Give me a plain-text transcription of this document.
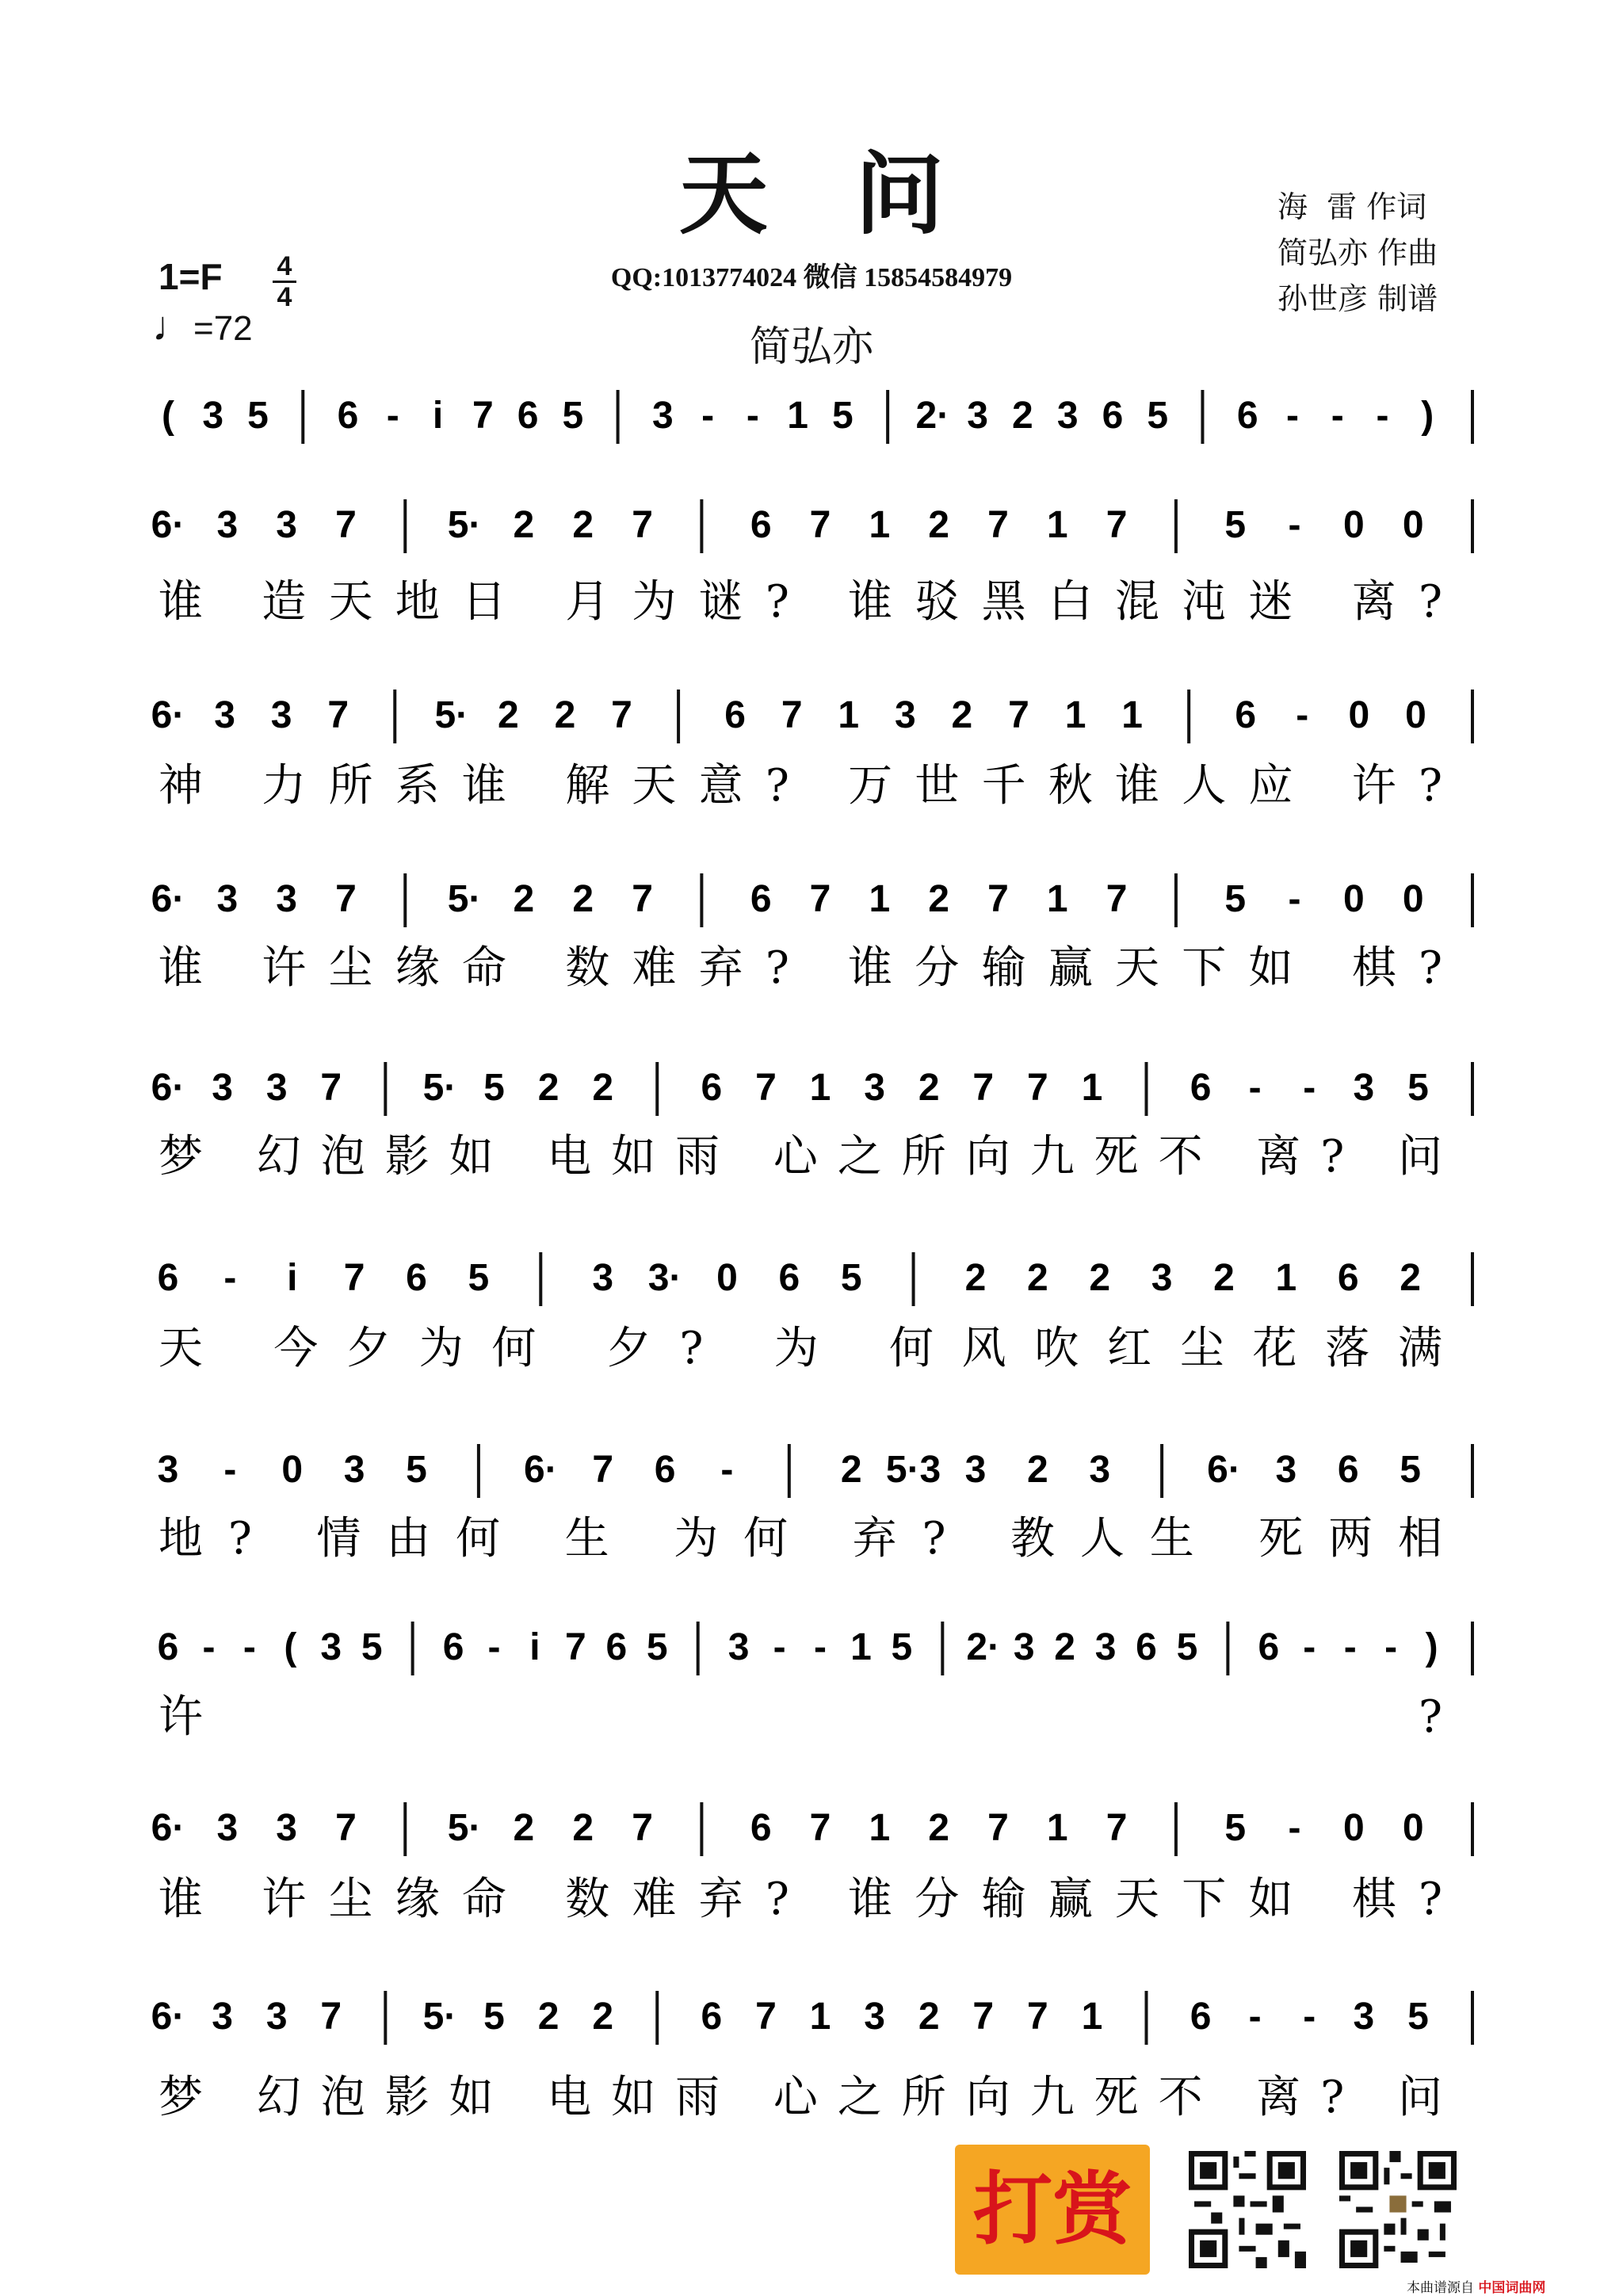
天问
QQ:1013774024 微信 15854584979
简弘亦
海  雷 作词
简弘亦 作曲
孙世彦 制谱
1=F 4
4
♩=72
( 3 5 6 - i 7 6 5 3 - - 1 5 2· 3 2 3 6 5 6 - - - )
6· 3 3 7 5· 2 2 7	6 7 1 2 7 1 7	5 - 0 0
谁 造天地日 月为谜? 谁驳黑白混沌迷 离?
6· 3 3 7 5· 2 2 7 6 7 1 3 2 7 1 1 6 - 0 0
神 力所系谁 解天意? 万世千秋谁人应 许?
6· 3 3 7 5· 2 2 7	6 7 1 2 7 1 7	5 - 0 0
谁 许尘缘命 数难弃? 谁分输赢天下如 棋?
6· 3 3 7 5· 5 2 2 6 7 1 3 2 7 7 1 6 - - 3 5
梦 幻泡影如 电如雨 心之所向九死不 离? 问
6 - i 7 6 5	3 3· 0 6 5	2 2 2 3 2 1 6 2
天 今夕为何 夕? 为 何风吹红尘花落满
3 - 0 3 5	6· 7 6 -	2 5·3 3 2 3	6· 3 6 5
地? 情由何 生 为何 弃? 教人生 死两相
6 - - ( 3 5 6 - i 7 6 5 3 - - 1 5 2· 3 2 3 6 5 6 - - - )
许?
6· 3 3 7 5· 2 2 7	6 7 1 2 7 1 7	5 - 0 0
谁 许尘缘命 数难弃? 谁分输赢天下如 棋?
6· 3 3 7 5· 5 2 2 6 7 1 3 2 7 7 1 6 - - 3 5
梦 幻泡影如 电如雨 心之所向九死不 离? 问
打赏
本曲谱源自 中国词曲网
